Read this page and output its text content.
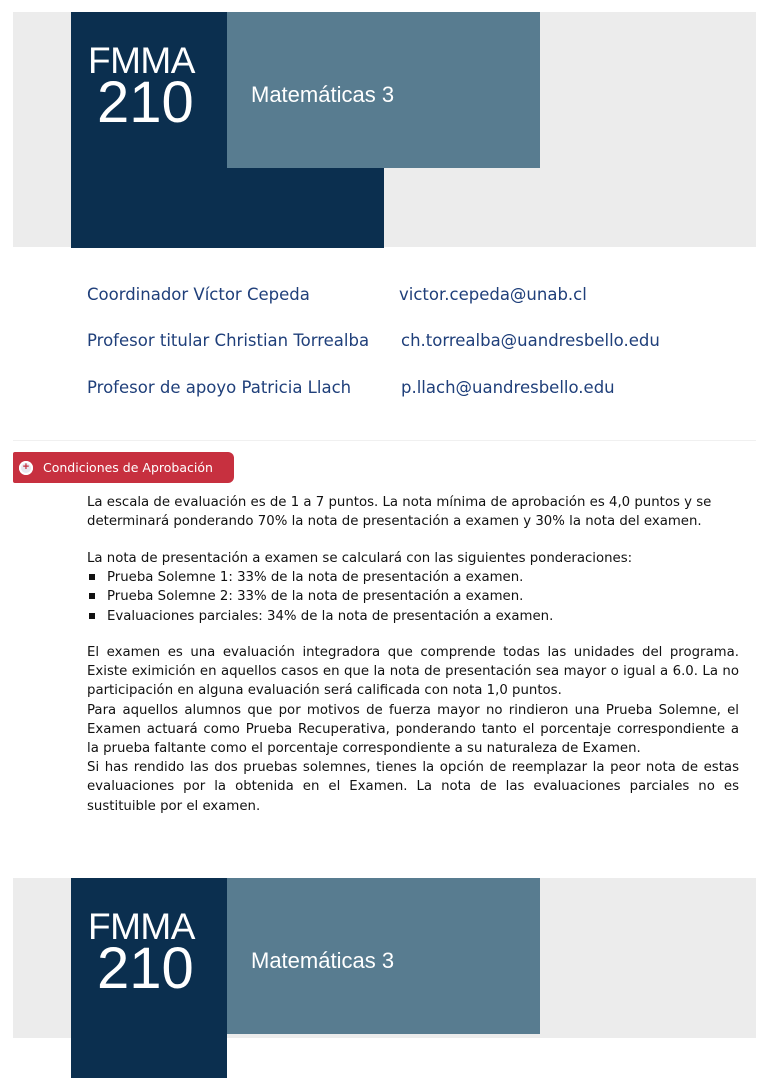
FMMA
210	Matemáticas 3
Coordinador Víctor Cepeda	victor.cepeda@unab.cl
Profesor titular Christian Torrealba ch.torrealba@uandresbello.edu
Profesor de apoyo Patricia Llach	p.llach@uandresbello.edu
+	Condiciones de Aprobación

La escala de evaluación es de 1 a 7 puntos. La nota mínima de aprobación es 4,0 puntos y se determinará ponderando 70% la nota de presentación a examen y 30% la nota del examen.

La nota de presentación a examen se calculará con las siguientes ponderaciones:

Prueba Solemne 1: 33% de la nota de presentación a examen.
Prueba Solemne 2: 33% de la nota de presentación a examen.
Evaluaciones parciales: 34% de la nota de presentación a examen.

El examen es una evaluación integradora que comprende todas las unidades del programa. Existe eximición en aquellos casos en que la nota de presentación sea mayor o igual a 6.0. La no participación en alguna evaluación será calificada con nota 1,0 puntos.

Para aquellos alumnos que por motivos de fuerza mayor no rindieron una Prueba Solemne, el Examen actuará como Prueba Recuperativa, ponderando tanto el porcentaje correspondiente a la prueba faltante como el porcentaje correspondiente a su naturaleza de Examen.

Si has rendido las dos pruebas solemnes, tienes la opción de reemplazar la peor nota de estas evaluaciones por la obtenida en el Examen. La nota de las evaluaciones parciales no es sustituible por el examen.

FMMA
210	Matemáticas 3
